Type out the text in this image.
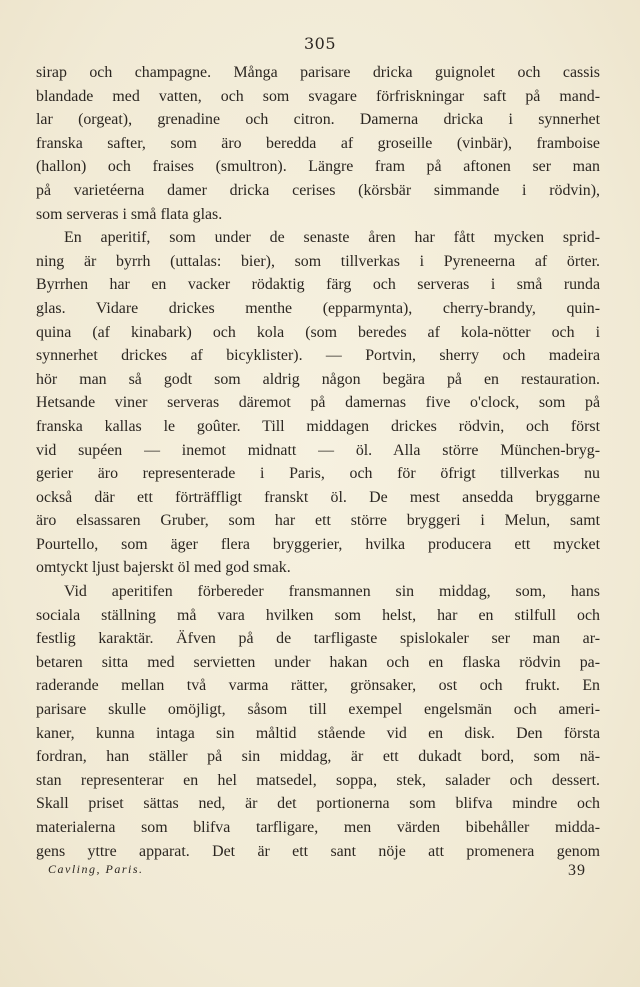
305
sirap och champagne. Många parisare dricka guignolet och cassis
blandade med vatten, och som svagare förfriskningar saft på mand-
lar (orgeat), grenadine och citron. Damerna dricka i synnerhet
franska safter, som äro bereddа af groseille (vinbär), framboise
(hallon) och fraises (smultron). Längre fram på aftonen ser man
på varietéerna damer dricka cerises (körsbär simmande i rödvin),
som serveras i små flata glas.
En aperitif, som under de senaste åren har fått mycken sprid-
ning är byrrh (uttalas: bier), som tillverkas i Pyreneerna af örter.
Byrrhen har en vacker rödaktig färg och serveras i små runda
glas. Vidare drickes menthe (epparmynta), cherry-brandy, quin-
quina (af kinabark) och kola (som beredes af kola-nötter och i
synnerhet drickes af bicyklister). — Portvin, sherry och madeira
hör man så godt som aldrig någon begära på en restauration.
Hetsande viner serveras däremot på damernas five o'clock, som på
franska kallas le goûter. Till middagen drickes rödvin, och först
vid supéen — inemot midnatt — öl. Alla större München-bryg-
gerier äro representerade i Paris, och för öfrigt tillverkas nu
också där ett förträffligt franskt öl. De mest ansedda bryggarne
äro elsassaren Gruber, som har ett större bryggeri i Melun, samt
Pourtello, som äger flera bryggerier, hvilka producera ett mycket
omtyckt ljust bajerskt öl med god smak.
Vid aperitifen förbereder fransmannen sin middag, som, hans
sociala ställning må vara hvilken som helst, har en stilfull och
festlig karaktär. Äfven på de tarfligaste spislokaler ser man ar-
betaren sitta med servietten under hakan och en flaska rödvin pa-
raderande mellan två varma rätter, grönsaker, ost och frukt. En
parisare skulle omöjligt, såsom till exempel engelsmän och ameri-
kaner, kunna intaga sin måltid stående vid en disk. Den första
fordran, han ställer på sin middag, är ett dukadt bord, som nä-
stan representerar en hel matsedel, soppa, stek, salader och dessert.
Skall priset sättas ned, är det portionerna som blifva mindre och
materialerna som blifva tarfligare, men värden bibehåller midda-
gens yttre apparat. Det är ett sant nöje att promenera genom
Cavling, Paris.	39
